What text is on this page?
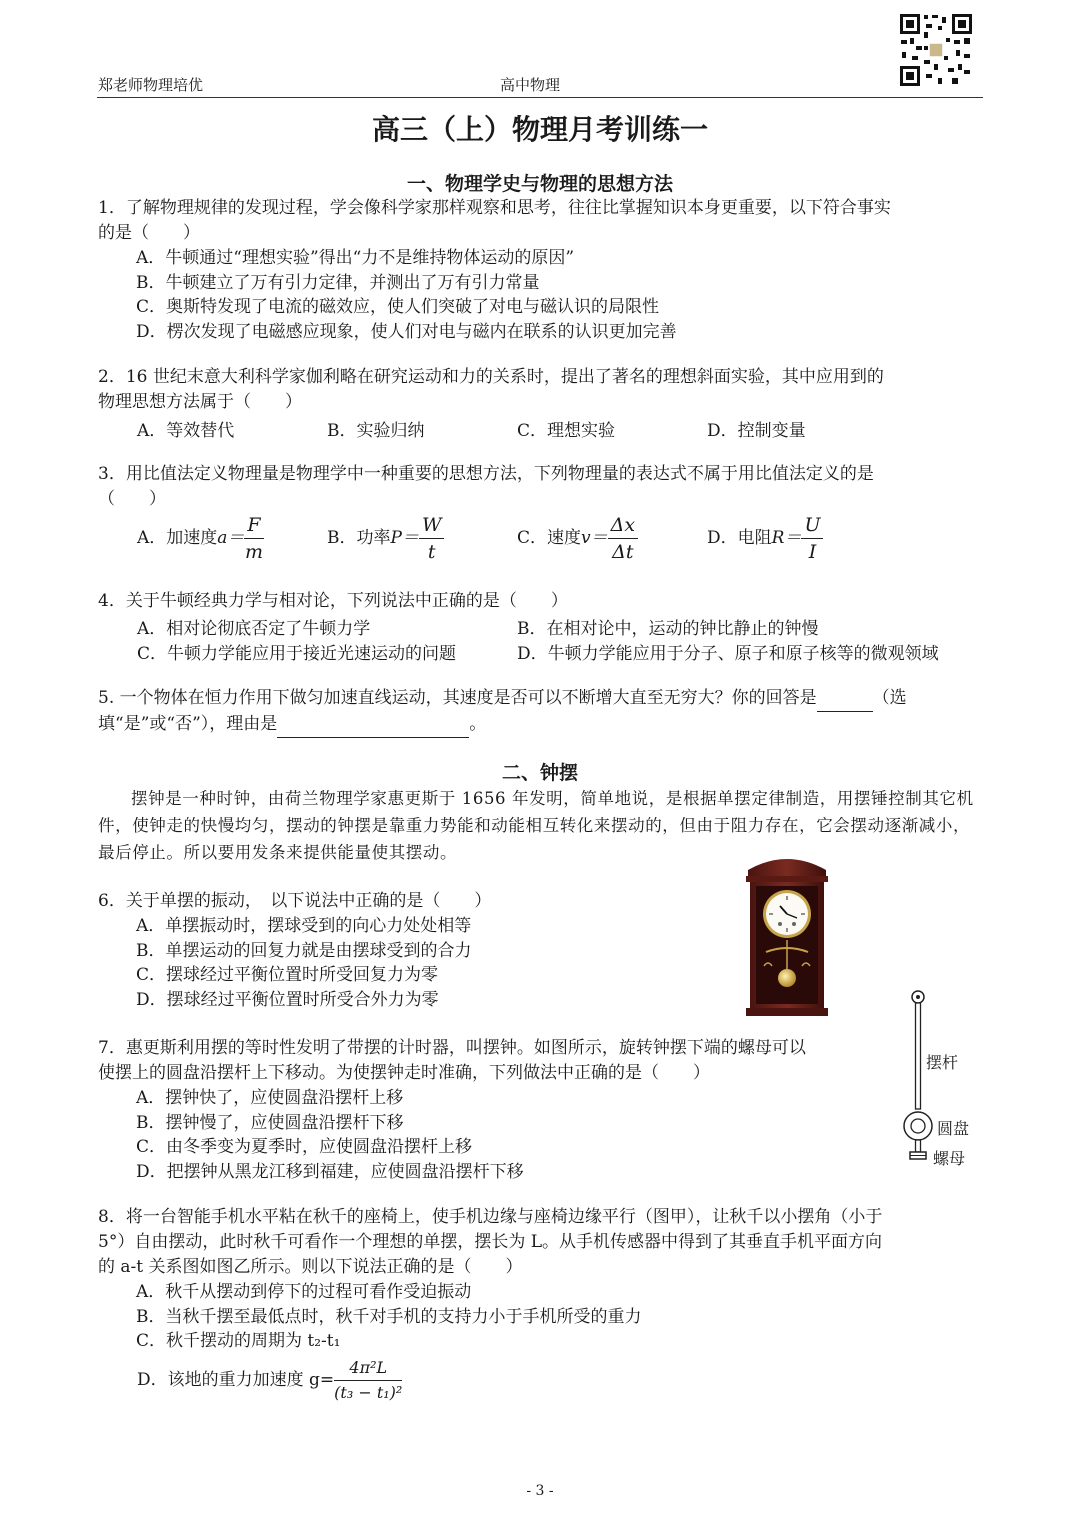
郑老师物理培优	高中物理
高三（上）物理月考训练一
一、物理学史与物理的思想方法
1．了解物理规律的发现过程，学会像科学家那样观察和思考，往往比掌握知识本身更重要，以下符合事实
的是（　　）
A．牛顿通过“理想实验”得出“力不是维持物体运动的原因”
B．牛顿建立了万有引力定律，并测出了万有引力常量
C．奥斯特发现了电流的磁效应，使人们突破了对电与磁认识的局限性
D．楞次发现了电磁感应现象，使人们对电与磁内在联系的认识更加完善
2．16 世纪末意大利科学家伽利略在研究运动和力的关系时，提出了著名的理想斜面实验，其中应用到的
物理思想方法属于（　　）
A．等效替代	B．实验归纳	C．理想实验	D．控制变量
3．用比值法定义物理量是物理学中一种重要的思想方法，下列物理量的表达式不属于用比值法定义的是
（　　）
A．加速度$a= \frac{F}{m}$	B．功率$P= \frac{W}{t}$	C．速度$v= \frac{\Delta x}{\Delta t}$	D．电阻$R= \frac{U}{I}$
4．关于牛顿经典力学与相对论，下列说法中正确的是（　　）
A．相对论彻底否定了牛顿力学	B．在相对论中，运动的钟比静止的钟慢
C．牛顿力学能应用于接近光速运动的问题	D．牛顿力学能应用于分子、原子和原子核等的微观领域
5. 一个物体在恒力作用下做匀加速直线运动，其速度是否可以不断增大直至无穷大？你的回答是	（选
填“是”或“否”），理由是	。
二、钟摆
摆钟是一种时钟，由荷兰物理学家惠更斯于 1656 年发明，简单地说，是根据单摆定律制造，用摆锤控制其它机件，使钟走的快慢均匀，摆动的钟摆是靠重力势能和动能相互转化来摆动的，但由于阻力存在，它会摆动逐渐减小，最后停止。所以要用发条来提供能量使其摆动。
6．关于单摆的振动，　以下说法中正确的是（　　）
A．单摆振动时，摆球受到的向心力处处相等
B．单摆运动的回复力就是由摆球受到的合力
C．摆球经过平衡位置时所受回复力为零
D．摆球经过平衡位置时所受合外力为零
摆杆
圆盘
螺母
7．惠更斯利用摆的等时性发明了带摆的计时器，叫摆钟。如图所示，旋转钟摆下端的螺母可以
使摆上的圆盘沿摆杆上下移动。为使摆钟走时准确，下列做法中正确的是（　　）
A．摆钟快了，应使圆盘沿摆杆上移
B．摆钟慢了，应使圆盘沿摆杆下移
C．由冬季变为夏季时，应使圆盘沿摆杆上移
D．把摆钟从黑龙江移到福建，应使圆盘沿摆杆下移
8．将一台智能手机水平粘在秋千的座椅上，使手机边缘与座椅边缘平行（图甲），让秋千以小摆角（小于
5°）自由摆动，此时秋千可看作一个理想的单摆，摆长为 L。从手机传感器中得到了其垂直手机平面方向
的 a-t 关系图如图乙所示。则以下说法正确的是（　　）
A．秋千从摆动到停下的过程可看作受迫振动
B．当秋千摆至最低点时，秋千对手机的支持力小于手机所受的重力
C．秋千摆动的周期为 t₂-t₁
D．该地的重力加速度 $g= \frac{\text{4π²L}}{\text{(t₃ − t₁)²}}$
- 3 -
